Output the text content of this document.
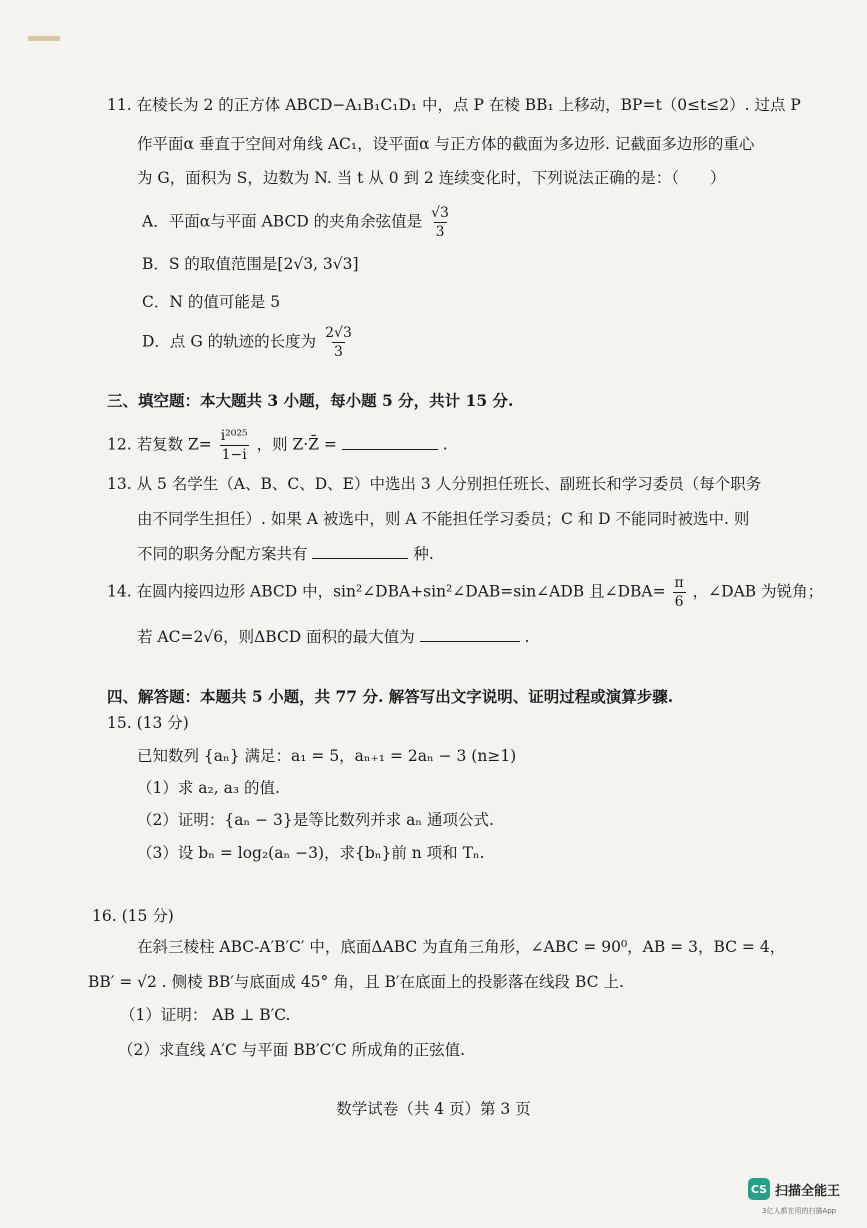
11. 在棱长为 2 的正方体 ABCD−A₁B₁C₁D₁ 中，点 P 在棱 BB₁ 上移动，BP=t（0≤t≤2）. 过点 P
作平面α 垂直于空间对角线 AC₁，设平面α 与正方体的截面为多边形. 记截面多边形的重心
为 G，面积为 S，边数为 N. 当 t 从 0 到 2 连续变化时，下列说法正确的是：（　　）
A．平面α与平面 ABCD 的夹角余弦值是 $\frac{√3}{3}$
B．S 的取值范围是[2√3, 3√3]
C．N 的值可能是 5
D．点 G 的轨迹的长度为 $\frac{2√3}{3}$
三、填空题：本大题共 3 小题，每小题 5 分，共计 15 分.
12. 若复数 $Z= \frac{\text{i²⁰²⁵}}{1-i}$ ，则 Z·Z̄ =	.
13. 从 5 名学生（A、B、C、D、E）中选出 3 人分别担任班长、副班长和学习委员（每个职务
由不同学生担任）. 如果 A 被选中，则 A 不能担任学习委员；C 和 D 不能同时被选中. 则
不同的职务分配方案共有	种.
14. 在圆内接四边形 ABCD 中，sin²∠DBA+sin²∠DAB=sin∠ADB 且∠DBA= $\frac{\pi}{6}$ ，∠DAB 为锐角；
若 AC=2√6，则ΔBCD 面积的最大值为	.
四、解答题：本题共 5 小题，共 77 分. 解答写出文字说明、证明过程或演算步骤.
15. (13 分)
已知数列 {aₙ} 满足：a₁ = 5，aₙ₊₁ = 2aₙ − 3 (n≥1)
（1）求 a₂, a₃ 的值.
（2）证明：{aₙ − 3}是等比数列并求 aₙ 通项公式.
（3）设 bₙ = log₂(aₙ −3)，求{bₙ}前 n 项和 Tₙ.
16. (15 分)
在斜三棱柱 ABC-A′B′C′ 中，底面ΔABC 为直角三角形，∠ABC = 90⁰，AB = 3，BC = 4，
BB′ = √2 . 侧棱 BB′与底面成 45° 角，且 B′在底面上的投影落在线段 BC 上.
（1）证明： AB ⊥ B′C.
（2）求直线 A′C 与平面 BB′C′C 所成角的正弦值.
数学试卷（共 4 页）第 3 页
CS 扫描全能王
3亿人都在用的扫描App
